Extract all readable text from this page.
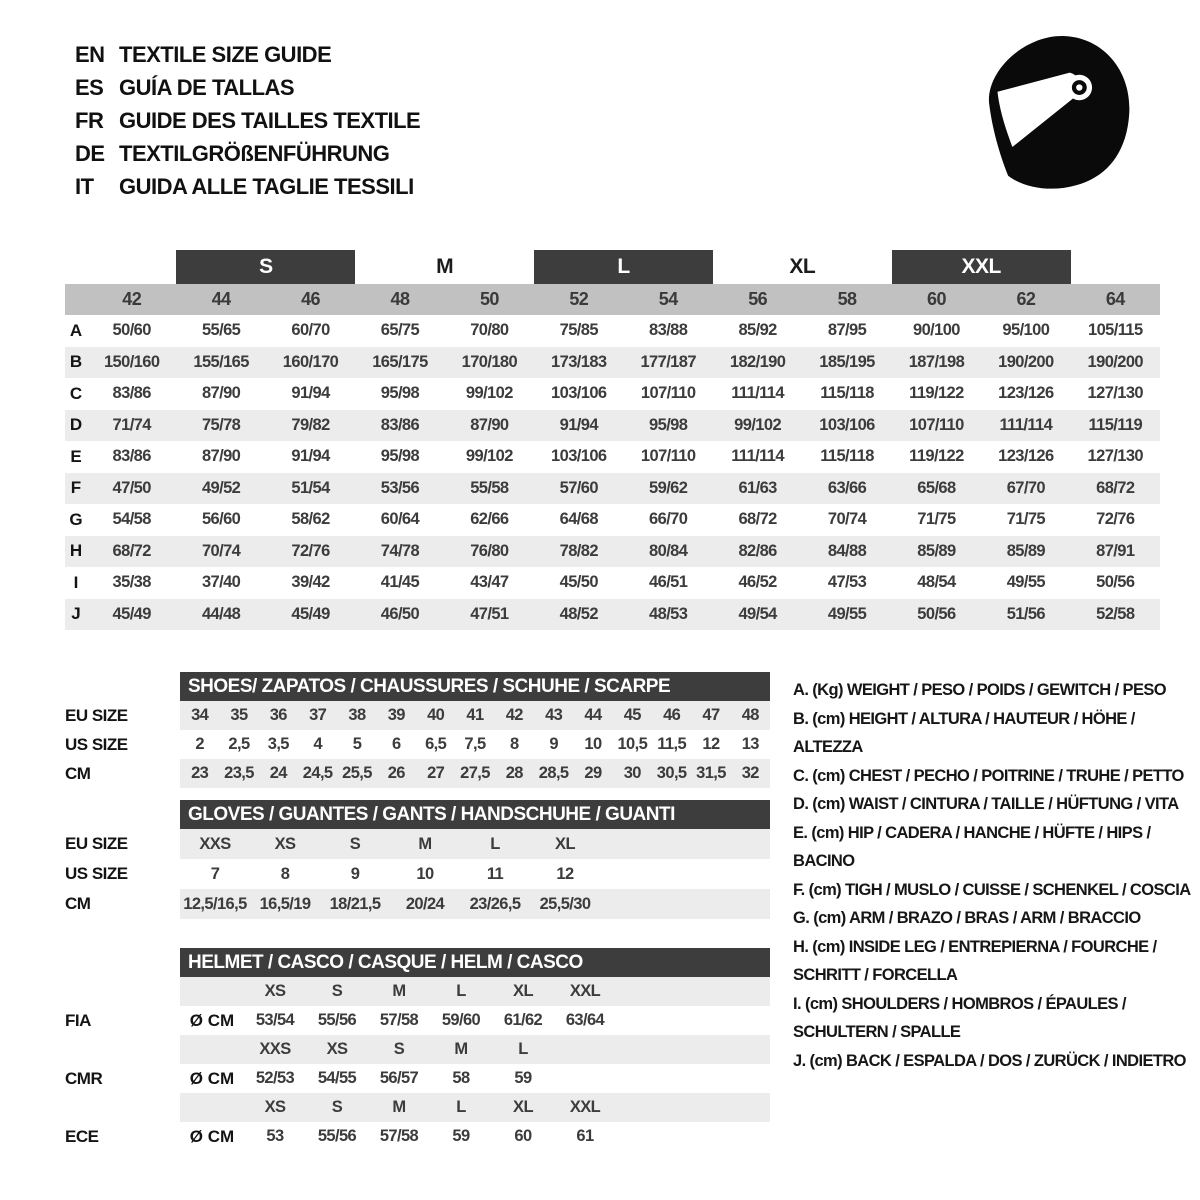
EN TEXTILE SIZE GUIDE
ES GUÍA DE TALLAS
FR GUIDE DES TAILLES TEXTILE
DE TEXTILGRÖßENFÜHRUNG
IT	GUIDA ALLE TAGLIE TESSILI
S	M	L	XL	XXL
42	44	46	48	50	52	54	56	58	60	62	64
A	50/60	55/65	60/70	65/75	70/80	75/85	83/88	85/92	87/95	90/100	95/100	105/115
B	150/160	155/165	160/170	165/175	170/180	173/183	177/187	182/190	185/195	187/198	190/200	190/200
C	83/86	87/90	91/94	95/98	99/102	103/106	107/110	111/114	115/118	119/122	123/126	127/130
D	71/74	75/78	79/82	83/86	87/90	91/94	95/98	99/102	103/106	107/110	111/114	115/119
E	83/86	87/90	91/94	95/98	99/102	103/106	107/110	111/114	115/118	119/122	123/126	127/130
F	47/50	49/52	51/54	53/56	55/58	57/60	59/62	61/63	63/66	65/68	67/70	68/72
G	54/58	56/60	58/62	60/64	62/66	64/68	66/70	68/72	70/74	71/75	71/75	72/76
H	68/72	70/74	72/76	74/78	76/80	78/82	80/84	82/86	84/88	85/89	85/89	87/91
I	35/38	37/40	39/42	41/45	43/47	45/50	46/51	46/52	47/53	48/54	49/55	50/56
J	45/49	44/48	45/49	46/50	47/51	48/52	48/53	49/54	49/55	50/56	51/56	52/58
SHOES/ ZAPATOS / CHAUSSURES / SCHUHE / SCARPE
EU SIZE	34	35	36	37	38	39	40	41	42	43	44	45	46	47	48
US SIZE	2	2,5	3,5	4	5	6	6,5	7,5	8	9	10 10,5 11,5 12	13
CM	23 23,5 24 24,5 25,5 26	27 27,5 28 28,5 29	30 30,5 31,5 32
GLOVES / GUANTES / GANTS / HANDSCHUHE / GUANTI
EU SIZE	XXS	XS	S	M	L	XL
US SIZE	7	8	9	10	11	12
CM	12,5/16,5 16,5/19	18/21,5	20/24	23/26,5	25,5/30
HELMET / CASCO / CASQUE / HELM / CASCO
XS	S	M	L	XL	XXL
FIA	Ø CM	53/54	55/56	57/58	59/60	61/62	63/64
XXS	XS	S	M	L
CMR	Ø CM	52/53	54/55	56/57	58	59
XS	S	M	L	XL	XXL
ECE	Ø CM	53	55/56	57/58	59	60	61
A. (Kg) WEIGHT / PESO / POIDS / GEWITCH / PESO
B. (cm) HEIGHT / ALTURA / HAUTEUR / HÖHE / ALTEZZA
C. (cm) CHEST / PECHO / POITRINE / TRUHE / PETTO
D. (cm) WAIST / CINTURA / TAILLE / HÜFTUNG / VITA
E. (cm) HIP / CADERA / HANCHE / HÜFTE / HIPS / BACINO
F. (cm) TIGH / MUSLO / CUISSE / SCHENKEL / COSCIA
G. (cm) ARM / BRAZO / BRAS / ARM / BRACCIO
H. (cm) INSIDE LEG / ENTREPIERNA / FOURCHE / SCHRITT / FORCELLA
I. (cm) SHOULDERS / HOMBROS / ÉPAULES / SCHULTERN / SPALLE
J. (cm) BACK / ESPALDA / DOS / ZURÜCK / INDIETRO
